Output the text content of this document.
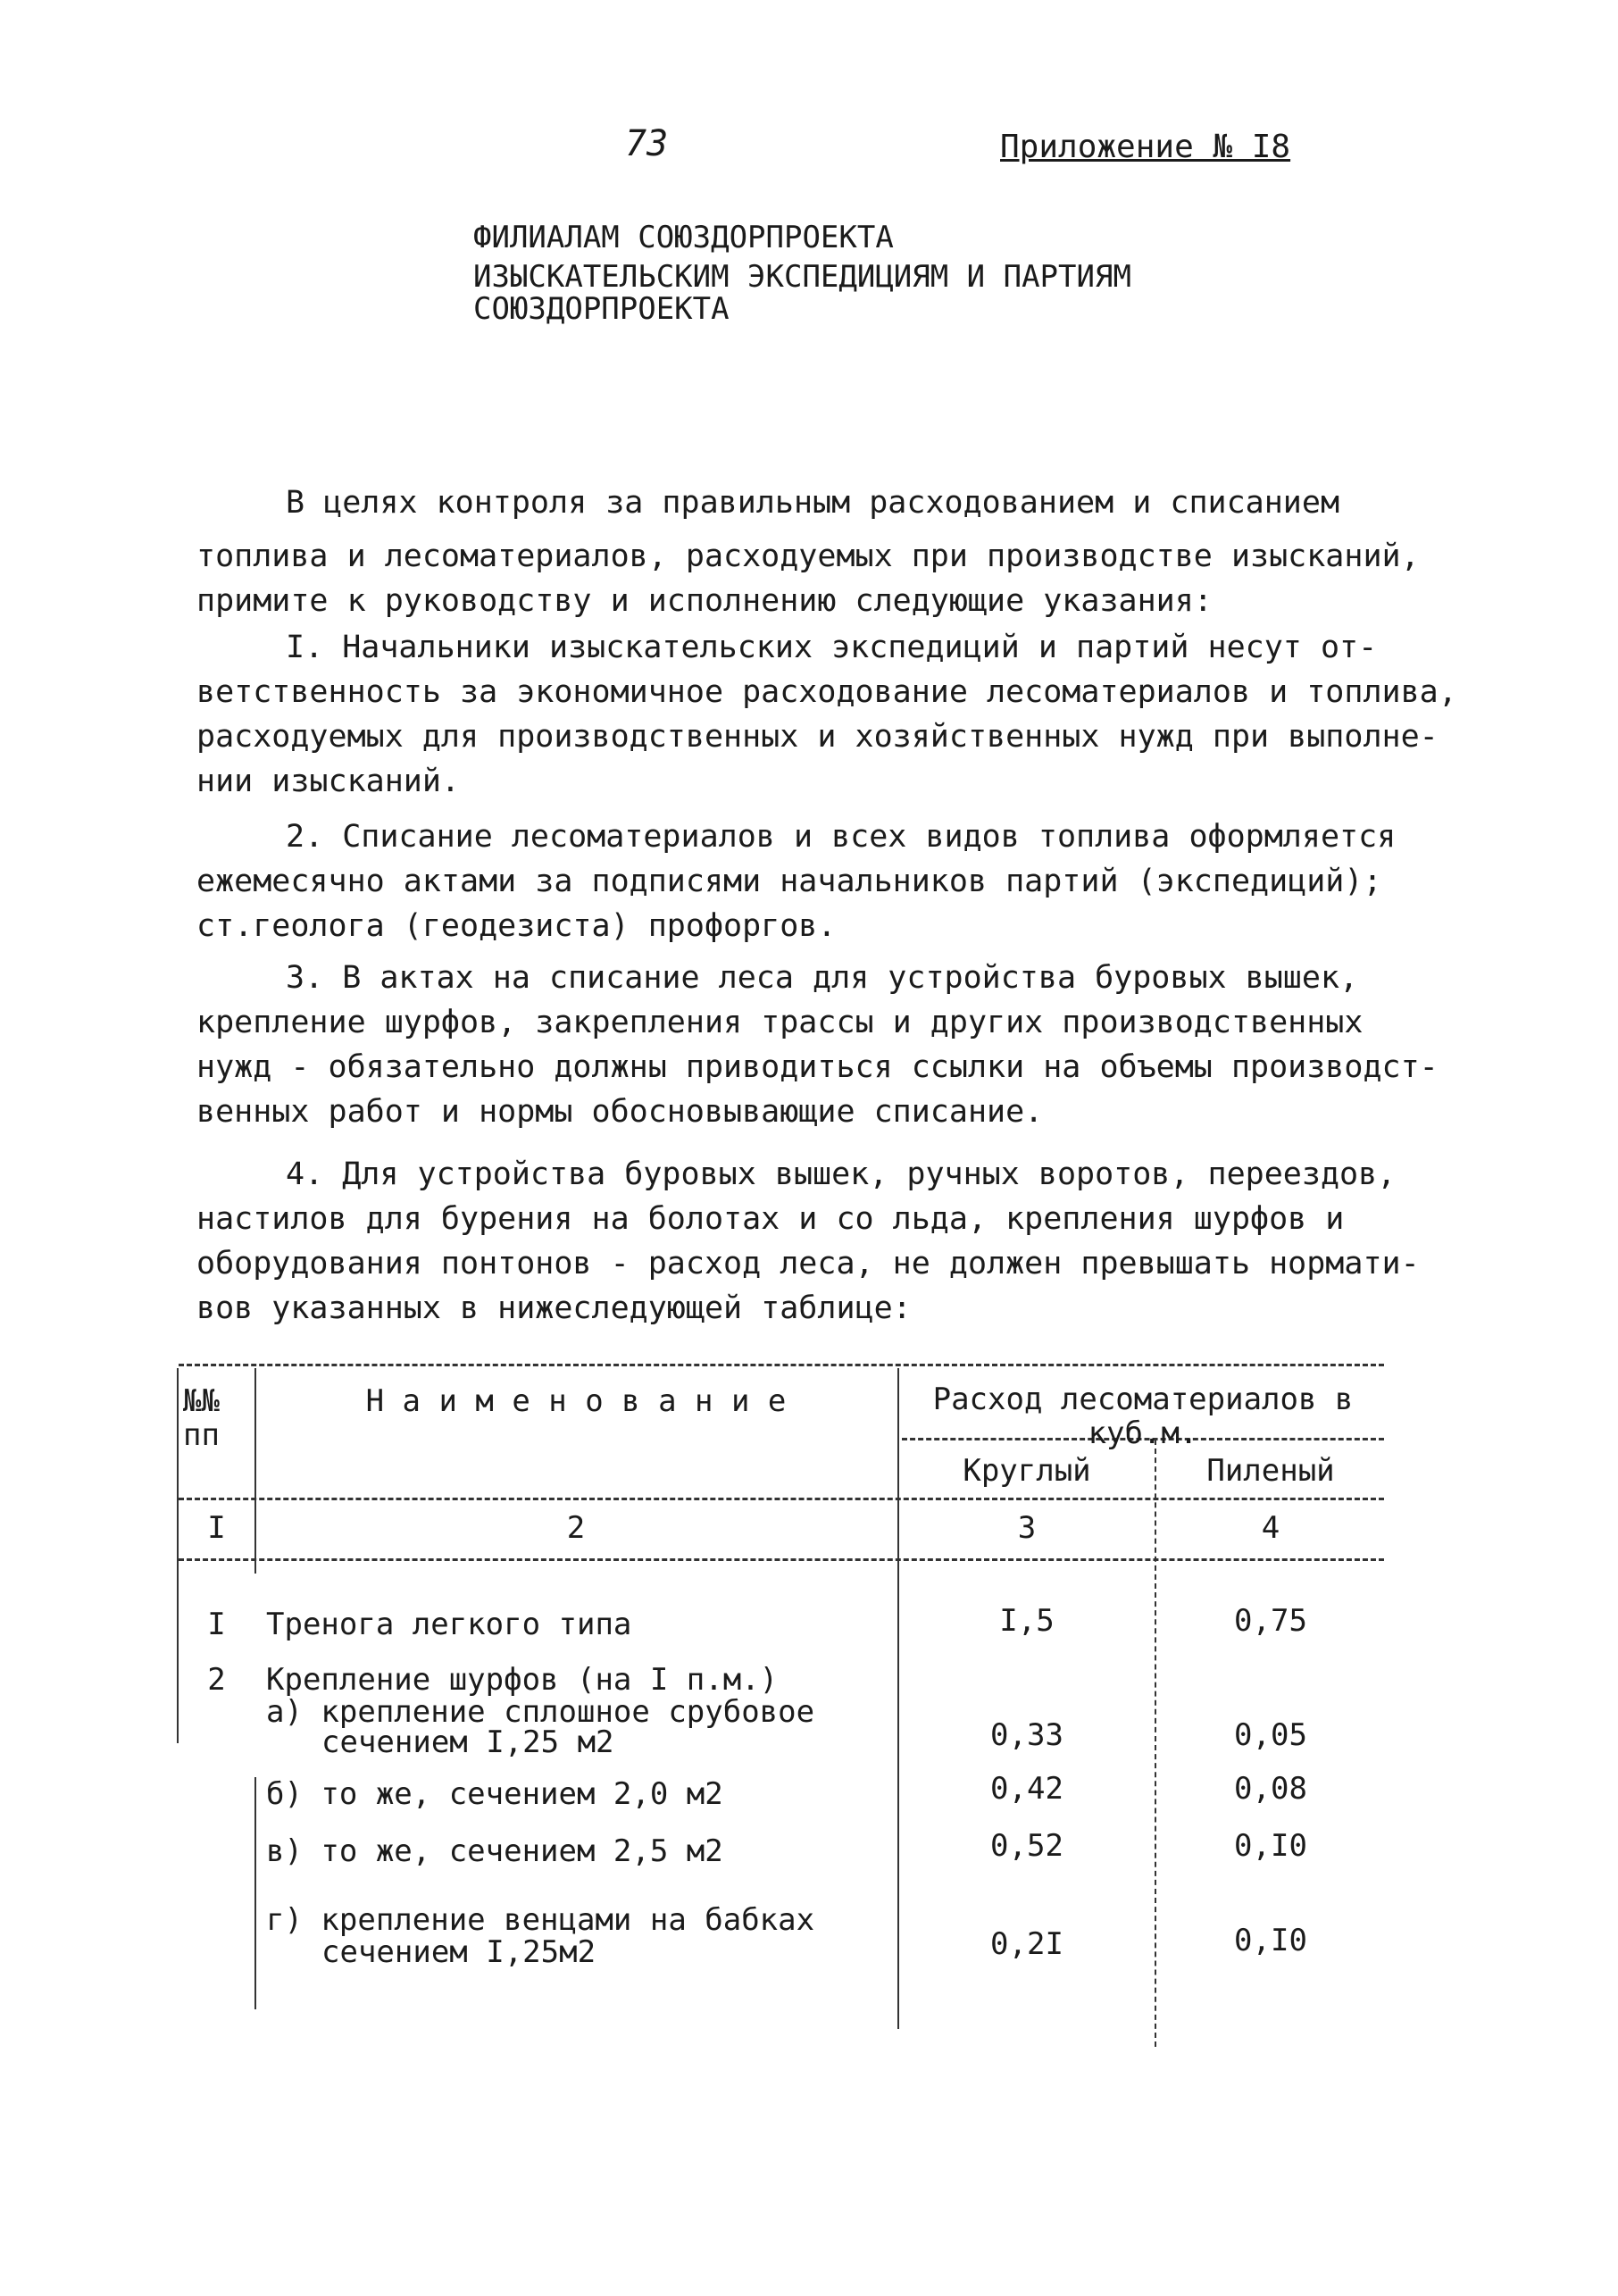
73	Приложение № I8
ФИЛИАЛАМ СОЮЗДОРПРОЕКТА
ИЗЫСКАТЕЛЬСКИМ ЭКСПЕДИЦИЯМ И ПАРТИЯМ
СОЮЗДОРПРОЕКТА

В целях контроля за правильным расходованием и списанием

топлива и лесоматериалов, расходуемых при производстве изысканий,

примите к руководству и исполнению следующие указания:

I. Начальники изыскательских экспедиций и партий несут от-

ветственность за экономичное расходование лесоматериалов и топлива,

расходуемых для производственных и хозяйственных нужд при выполне-

нии изысканий.

2. Списание лесоматериалов и всех видов топлива оформляется

ежемесячно актами за подписями начальников партий (экспедиций);

ст.геолога (геодезиста) профоргов.

3. В актах на списание леса для устройства буровых вышек,

крепление шурфов, закрепления трассы и других производственных

нужд - обязательно должны приводиться ссылки на объемы производст-

венных работ и нормы обосновывающие списание.

4. Для устройства буровых вышек, ручных воротов, переездов,

настилов для бурения на болотах и со льда, крепления шурфов и

оборудования понтонов - расход леса, не должен превышать нормати-

вов указанных в нижеследующей таблице:

№№
пп
Н а и м е н о в а н и е	Расход лесоматериалов в
куб.м.
Круглый	Пиленый
I	2	3	4
I	Тренога легкого типа	I,5	0,75
2	Крепление шурфов (на I п.м.)
а) крепление сплошное срубовое
сечением I,25 м2	0,33	0,05
б) то же, сечением 2,0 м2	0,42	0,08
в) то же, сечением 2,5 м2	0,52	0,I0
г) крепление венцами на бабках
сечением I,25м2	0,2I	0,I0
